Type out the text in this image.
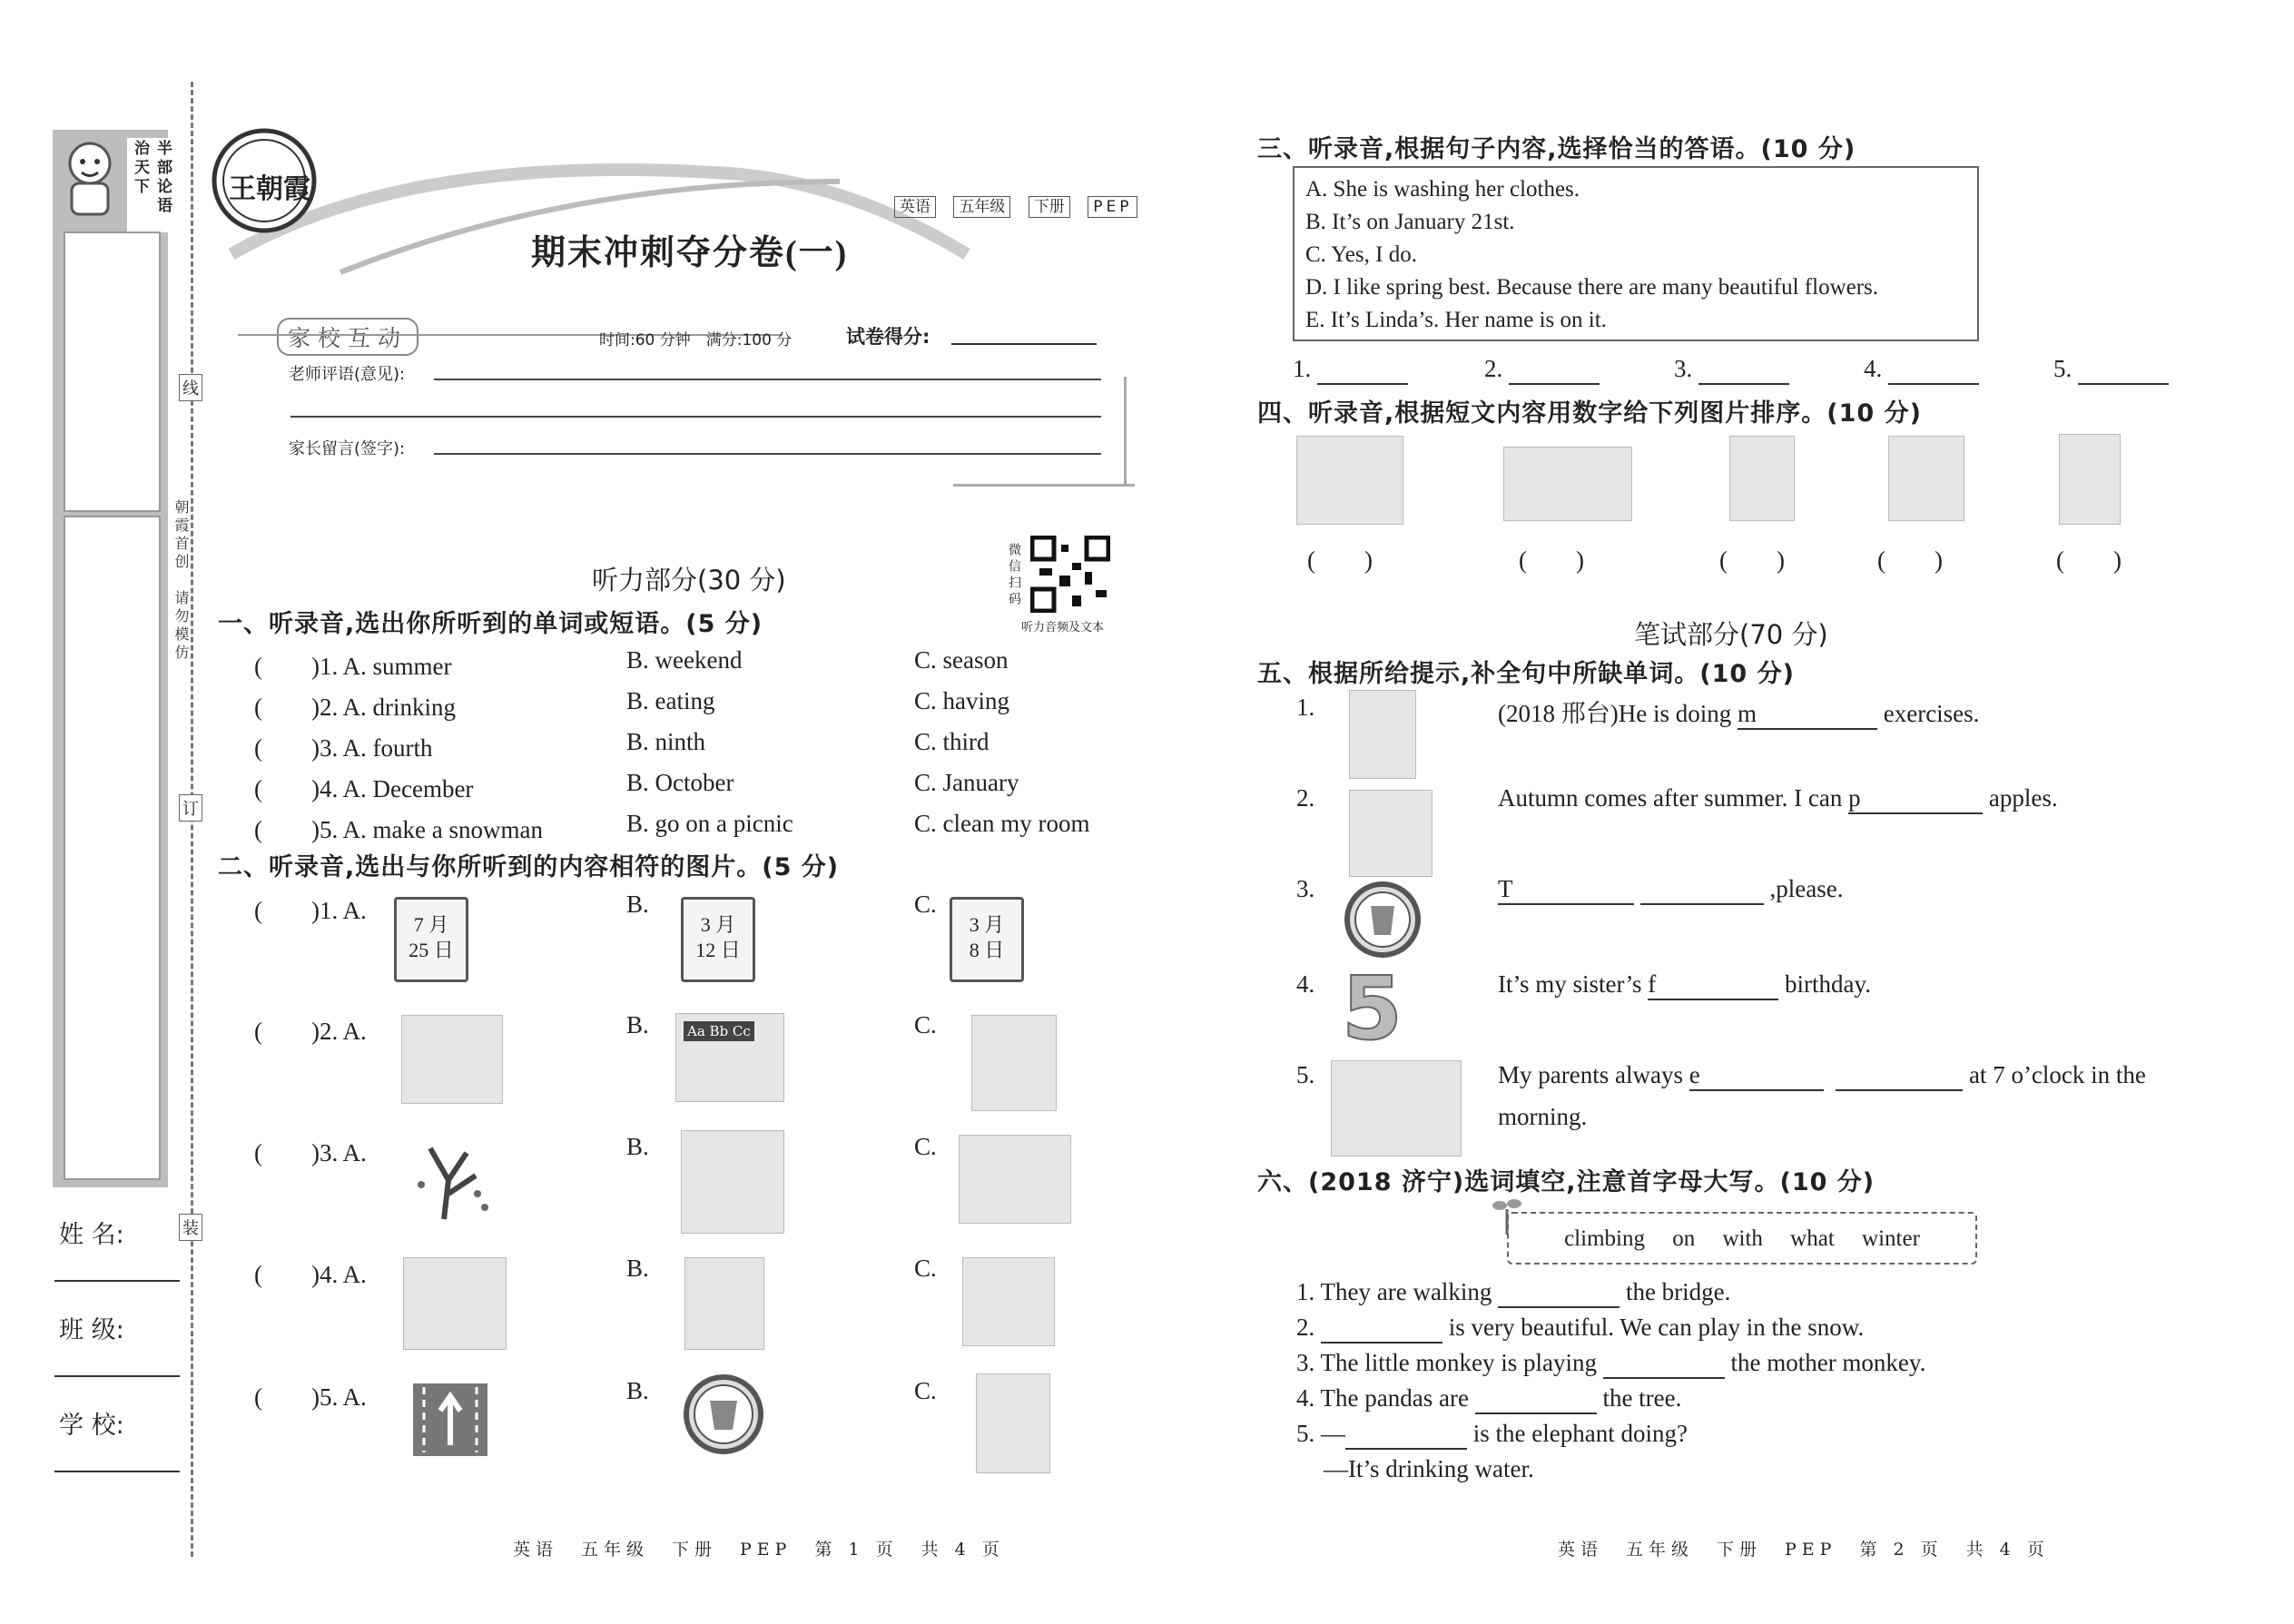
半部论语治天下
线
订
装
朝霞首创　请勿模仿
姓 名:
班 级:
学 校:
王朝霞
英语 五年级 下册 PEP
期末冲刺夺分卷(一)
家校互动	时间:60 分钟　满分:100 分	试卷得分:
老师评语(意见):
家长留言(签字):
微信扫码
听力音频及文本
听力部分(30 分)
一、听录音,选出你所听到的单词或短语。(5 分)
(　　)1. A. summer	B. weekend	C. season
(　　)2. A. drinking	B. eating	C. having
(　　)3. A. fourth	B. ninth	C. third
(　　)4. A. December	B. October	C. January
(　　)5. A. make a snowman	B. go on a picnic	C. clean my room
二、听录音,选出与你所听到的内容相符的图片。(5 分)
(　　)1. A.
7 月
25 日
B.
3 月
12 日
C.
3 月
8 日
(　　)2. A.	B.	Aa Bb Cc	C.
(　　)3. A.	B.	C.
(　　)4. A.	B.	C.
(　　)5. A.	B.	C.
英语　五年级　下册　PEP　第 1 页　共 4 页
三、听录音,根据句子内容,选择恰当的答语。(10 分)
A. She is washing her clothes.
B. It’s on January 21st.
C. Yes, I do.
D. I like spring best. Because there are many beautiful flowers.
E. It’s Linda’s. Her name is on it.
1.	2.	3.	4.	5.
四、听录音,根据短文内容用数字给下列图片排序。(10 分)
(　　)	(　　)	(　　)	(　　)	(　　)
笔试部分(70 分)
五、根据所给提示,补全句中所缺单词。(10 分)
1.	(2018 邢台)He is doing m	exercises.
2.	Autumn comes after summer. I can p	apples.
3.	T	,please.
4. 5	It’s my sister’s f	birthday.
5.	My parents always e	at 7 o’clock in the
morning.
六、(2018 济宁)选词填空,注意首字母大写。(10 分)
climbing on with what winter
1. They are walking	the bridge.
2.	is very beautiful. We can play in the snow.
3. The little monkey is playing	the mother monkey.
4. The pandas are	the tree.
5. —	is the elephant doing?
—It’s drinking water.
英语　五年级　下册　PEP　第 2 页　共 4 页
